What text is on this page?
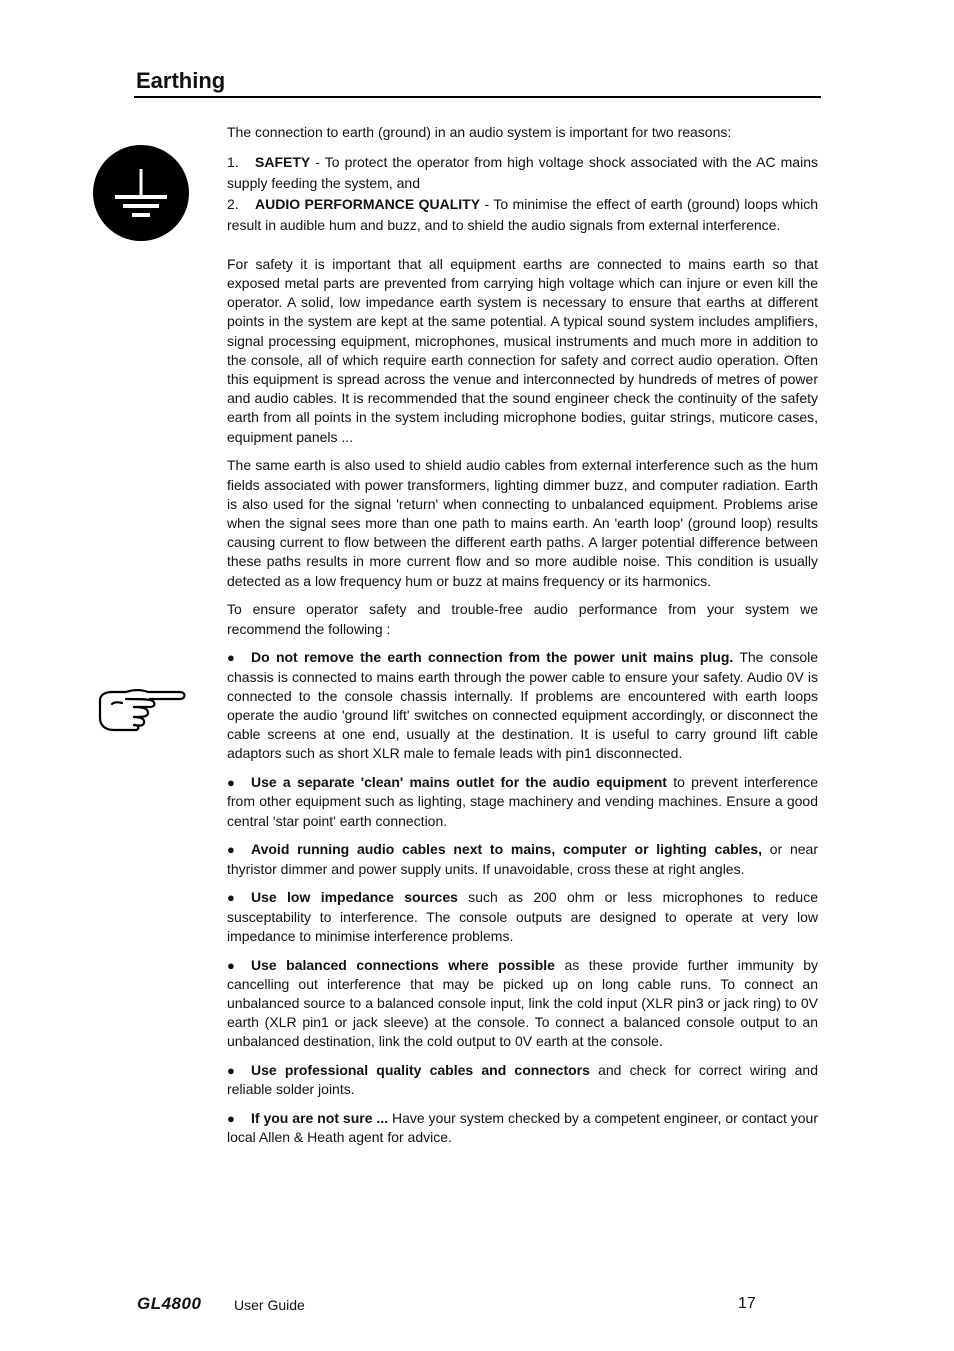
Earthing

The connection to earth (ground) in an audio system is important for two reasons:

1. SAFETY - To protect the operator from high voltage shock associated with the AC mains supply feeding the system, and
2. AUDIO PERFORMANCE QUALITY - To minimise the effect of earth (ground) loops which result in audible hum and buzz, and to shield the audio signals from external interference.

For safety it is important that all equipment earths are connected to mains earth so that exposed metal parts are prevented from carrying high voltage which can injure or even kill the operator. A solid, low impedance earth system is necessary to ensure that earths at different points in the system are kept at the same potential. A typical sound system includes amplifiers, signal processing equipment, microphones, musical instruments and much more in addition to the console, all of which require earth connection for safety and correct audio operation. Often this equipment is spread across the venue and interconnected by hundreds of metres of power and audio cables. It is recommended that the sound engineer check the continuity of the safety earth from all points in the system including microphone bodies, guitar strings, muticore cases, equipment panels ...

The same earth is also used to shield audio cables from external interference such as the hum fields associated with power transformers, lighting dimmer buzz, and computer radiation. Earth is also used for the signal 'return' when connecting to unbalanced equipment. Problems arise when the signal sees more than one path to mains earth. An 'earth loop' (ground loop) results causing current to flow between the different earth paths. A larger potential difference between these paths results in more current flow and so more audible noise. This condition is usually detected as a low frequency hum or buzz at mains frequency or its harmonics.

To ensure operator safety and trouble-free audio performance from your system we recommend the following :

● Do not remove the earth connection from the power unit mains plug. The console chassis is connected to mains earth through the power cable to ensure your safety. Audio 0V is connected to the console chassis internally. If problems are encountered with earth loops operate the audio 'ground lift' switches on connected equipment accordingly, or disconnect the cable screens at one end, usually at the destination. It is useful to carry ground lift cable adaptors such as short XLR male to female leads with pin1 disconnected.

● Use a separate 'clean' mains outlet for the audio equipment to prevent interference from other equipment such as lighting, stage machinery and vending machines. Ensure a good central 'star point' earth connection.

● Avoid running audio cables next to mains, computer or lighting cables, or near thyristor dimmer and power supply units. If unavoidable, cross these at right angles.

● Use low impedance sources such as 200 ohm or less microphones to reduce susceptability to interference. The console outputs are designed to operate at very low impedance to minimise interference problems.

● Use balanced connections where possible as these provide further immunity by cancelling out interference that may be picked up on long cable runs. To connect an unbalanced source to a balanced console input, link the cold input (XLR pin3 or jack ring) to 0V earth (XLR pin1 or jack sleeve) at the console. To connect a balanced console output to an unbalanced destination, link the cold output to 0V earth at the console.

● Use professional quality cables and connectors and check for correct wiring and reliable solder joints.

● If you are not sure ... Have your system checked by a competent engineer, or contact your local Allen & Heath agent for advice.

GL4800 User Guide	17
